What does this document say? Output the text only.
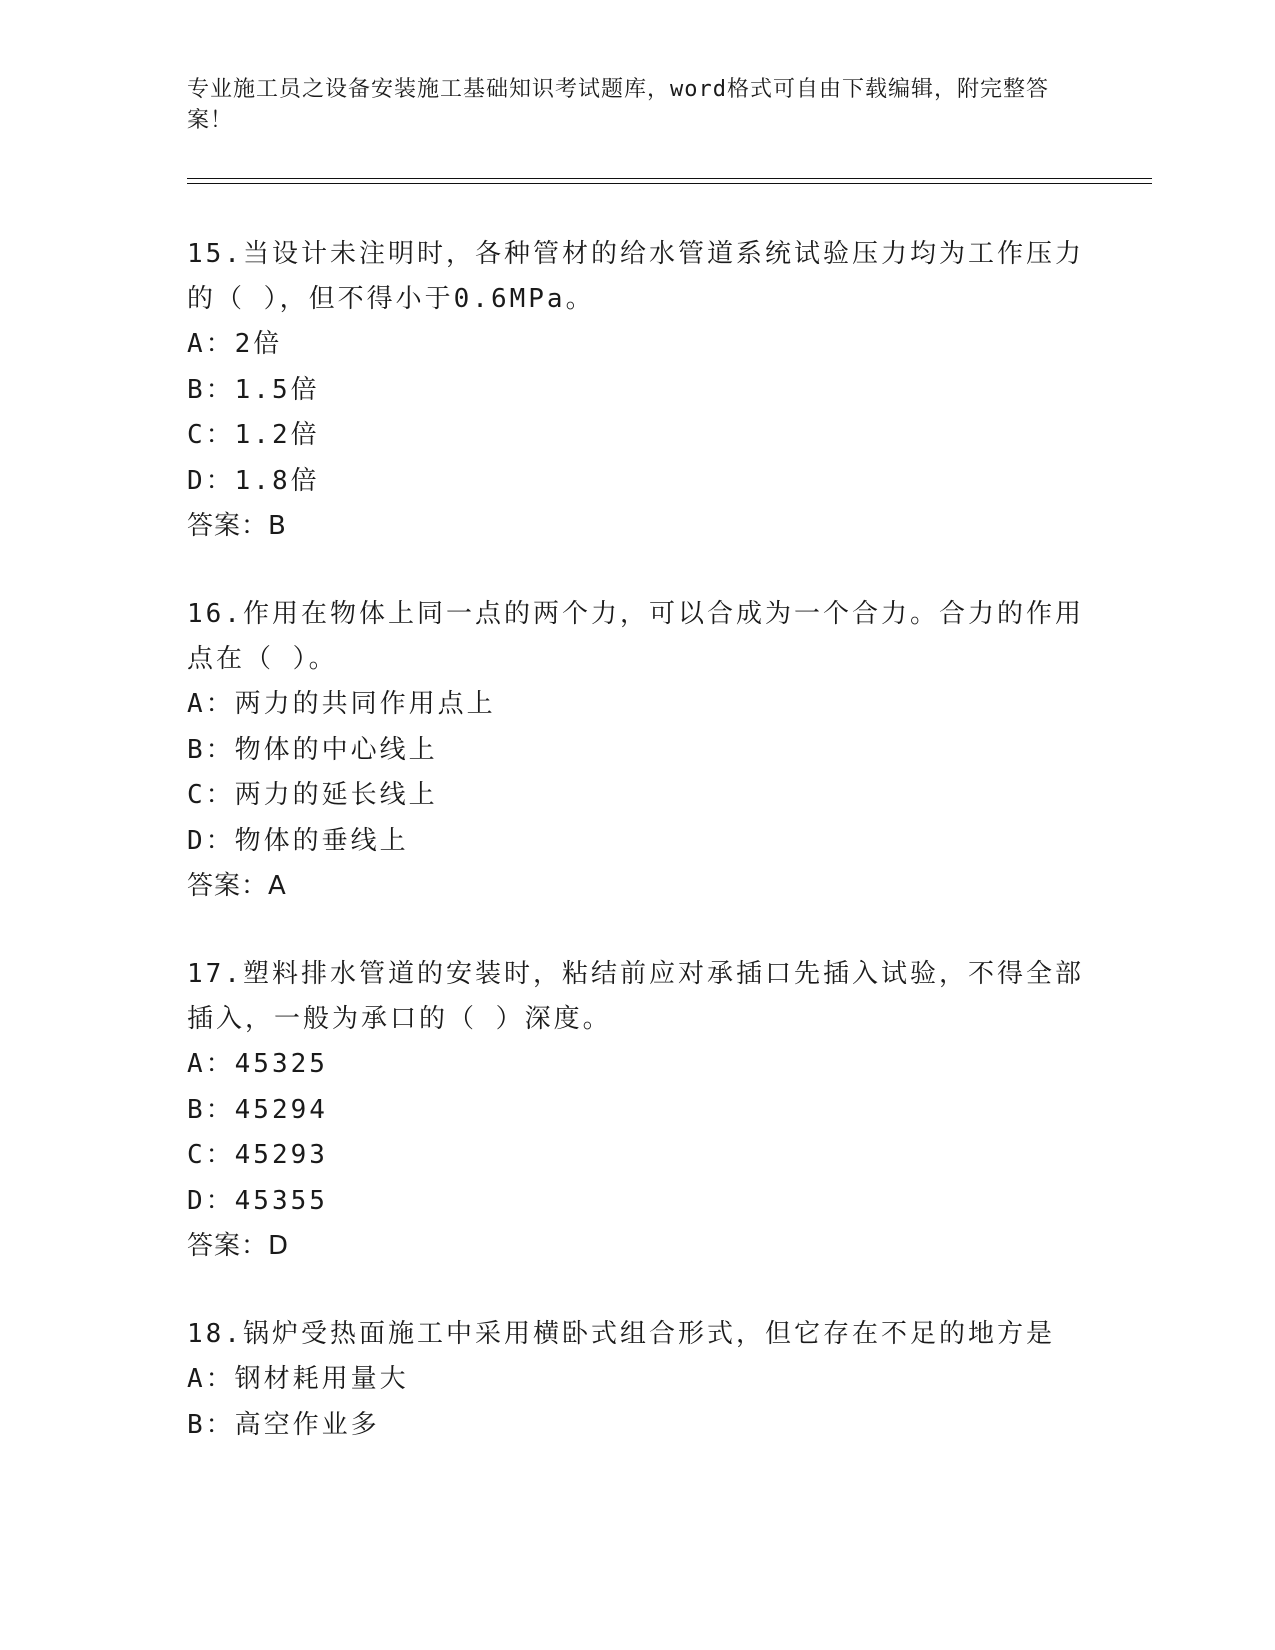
专业施工员之设备安装施工基础知识考试题库，word格式可自由下载编辑，附完整答案！
15.当设计未注明时，各种管材的给水管道系统试验压力均为工作压力的（ ），但不得小于0.6MPa。
A：2倍
B：1.5倍
C：1.2倍
D：1.8倍
答案：B
16.作用在物体上同一点的两个力，可以合成为一个合力。合力的作用点在（ ）。
A：两力的共同作用点上
B：物体的中心线上
C：两力的延长线上
D：物体的垂线上
答案：A
17.塑料排水管道的安装时，粘结前应对承插口先插入试验，不得全部插入，一般为承口的（ ）深度。
A：45325
B：45294
C：45293
D：45355
答案：D
18.锅炉受热面施工中采用横卧式组合形式，但它存在不足的地方是
A：钢材耗用量大
B：高空作业多
